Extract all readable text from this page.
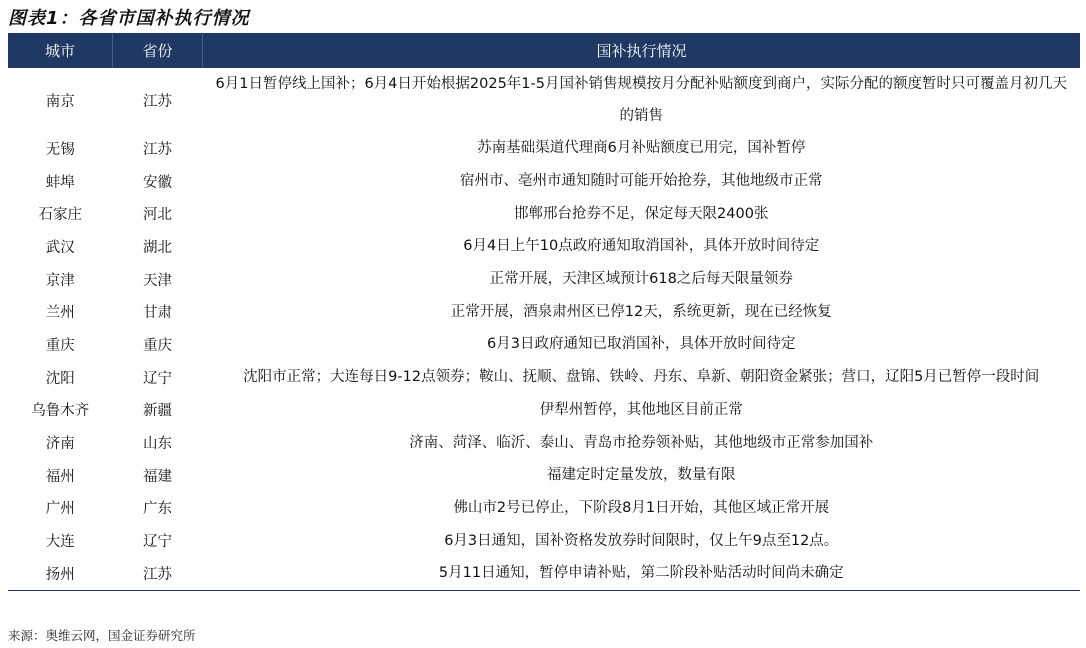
图表1：各省市国补执行情况
城市	省份	国补执行情况
南京	江苏	6月1日暂停线上国补；6月4日开始根据2025年1-5月国补销售规模按月分配补贴额度到商户，实际分配的额度暂时只可覆盖月初几天的销售
无锡	江苏	苏南基础渠道代理商6月补贴额度已用完，国补暂停
蚌埠	安徽	宿州市、亳州市通知随时可能开始抢券，其他地级市正常
石家庄	河北	邯郸邢台抢券不足，保定每天限2400张
武汉	湖北	6月4日上午10点政府通知取消国补，具体开放时间待定
京津	天津	正常开展，天津区域预计618之后每天限量领券
兰州	甘肃	正常开展，酒泉肃州区已停12天，系统更新，现在已经恢复
重庆	重庆	6月3日政府通知已取消国补，具体开放时间待定
沈阳	辽宁	沈阳市正常；大连每日9-12点领券；鞍山、抚顺、盘锦、铁岭、丹东、阜新、朝阳资金紧张；营口，辽阳5月已暂停一段时间
乌鲁木齐	新疆	伊犁州暂停，其他地区目前正常
济南	山东	济南、菏泽、临沂、泰山、青岛市抢券领补贴，其他地级市正常参加国补
福州	福建	福建定时定量发放，数量有限
广州	广东	佛山市2号已停止，下阶段8月1日开始，其他区域正常开展
大连	辽宁	6月3日通知，国补资格发放券时间限时，仅上午9点至12点。
扬州	江苏	5月11日通知，暂停申请补贴，第二阶段补贴活动时间尚未确定
来源：奥维云网，国金证券研究所
